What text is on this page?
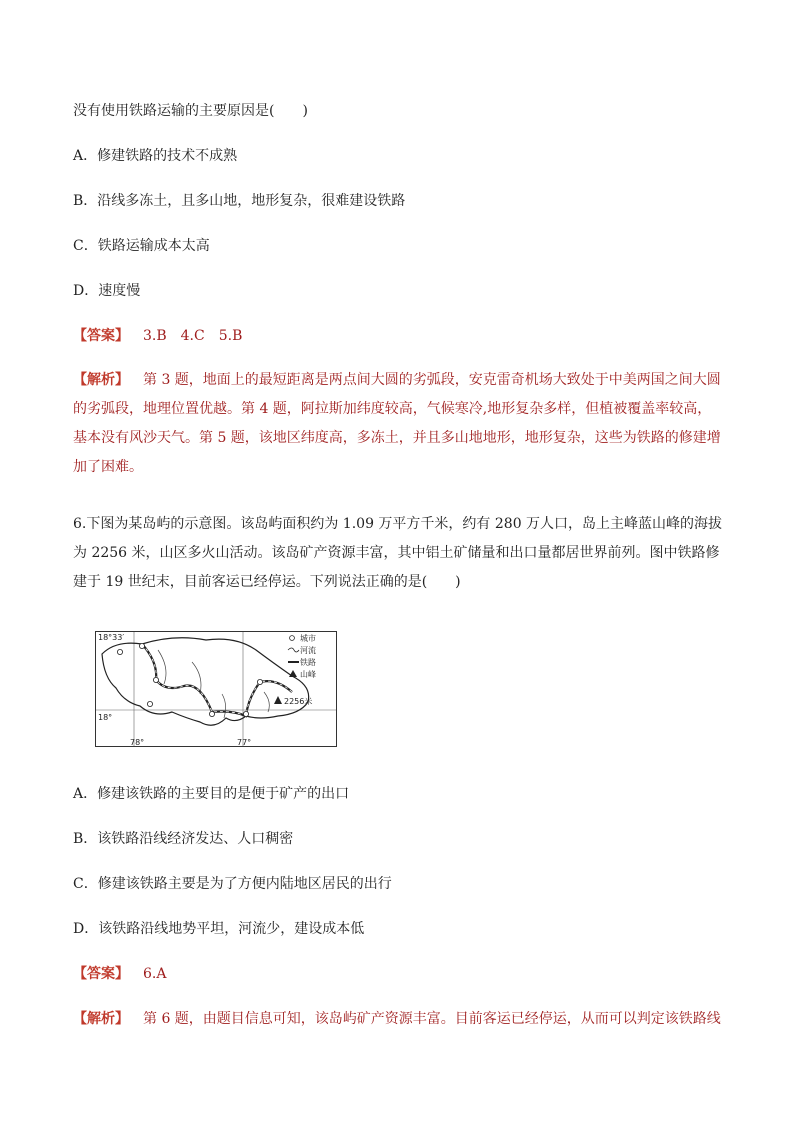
没有使用铁路运输的主要原因是(　　)
A．修建铁路的技术不成熟
B．沿线多冻土，且多山地，地形复杂，很难建设铁路
C．铁路运输成本太高
D．速度慢
【答案】 3.B　4.C　5.B
【解析】 第 3 题，地面上的最短距离是两点间大圆的劣弧段，安克雷奇机场大致处于中美两国之间大圆的劣弧段，地理位置优越。第 4 题，阿拉斯加纬度较高，气候寒冷,地形复杂多样，但植被覆盖率较高，基本没有风沙天气。第 5 题，该地区纬度高，多冻土，并且多山地地形，地形复杂，这些为铁路的修建增加了困难。
6.下图为某岛屿的示意图。该岛屿面积约为 1.09 万平方千米，约有 280 万人口，岛上主峰蓝山峰的海拔为 2256 米，山区多火山活动。该岛矿产资源丰富，其中铝土矿储量和出口量都居世界前列。图中铁路修建于 19 世纪末，目前客运已经停运。下列说法正确的是(　　)
18°33′
18°
78°	77°
2256米
城市
河流
铁路
山峰
A．修建该铁路的主要目的是便于矿产的出口
B．该铁路沿线经济发达、人口稠密
C．修建该铁路主要是为了方便内陆地区居民的出行
D．该铁路沿线地势平坦，河流少，建设成本低
【答案】 6.A
【解析】 第 6 题，由题目信息可知，该岛屿矿产资源丰富。目前客运已经停运，从而可以判定该铁路线
